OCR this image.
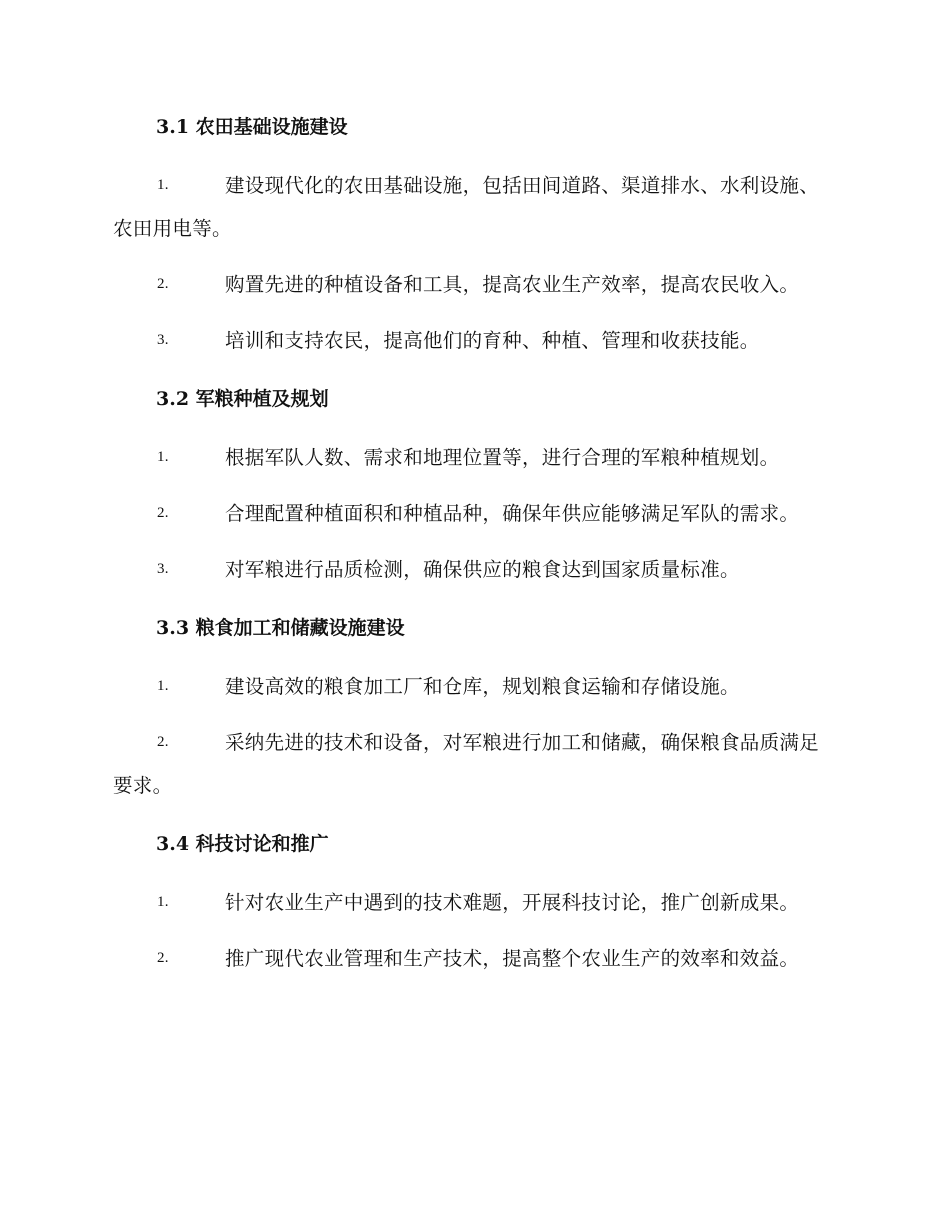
3.1 农田基础设施建设

1.	建设现代化的农田基础设施，包括田间道路、渠道排水、水利设施、农田用电等。

2.	购置先进的种植设备和工具，提高农业生产效率，提高农民收入。

3.	培训和支持农民，提高他们的育种、种植、管理和收获技能。

3.2 军粮种植及规划

1.	根据军队人数、需求和地理位置等，进行合理的军粮种植规划。

2.	合理配置种植面积和种植品种，确保年供应能够满足军队的需求。

3.	对军粮进行品质检测，确保供应的粮食达到国家质量标准。

3.3 粮食加工和储藏设施建设

1.	建设高效的粮食加工厂和仓库，规划粮食运输和存储设施。

2.	采纳先进的技术和设备，对军粮进行加工和储藏，确保粮食品质满足要求。

3.4 科技讨论和推广

1.	针对农业生产中遇到的技术难题，开展科技讨论，推广创新成果。

2.	推广现代农业管理和生产技术，提高整个农业生产的效率和效益。
